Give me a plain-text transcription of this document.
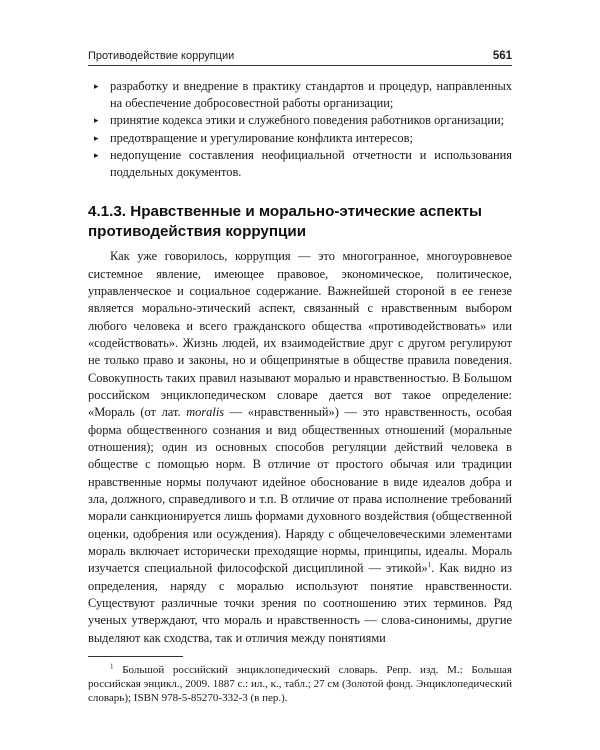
Противодействие коррупции	561
▸ разработку и внедрение в практику стандартов и процедур, направленных на обеспечение добросовестной работы организации;
▸ принятие кодекса этики и служебного поведения работников организации;
▸ предотвращение и урегулирование конфликта интересов;
▸ недопущение составления неофициальной отчетности и использования поддельных документов.
4.1.3. Нравственные и морально-этические аспекты противодействия коррупции

Как уже говорилось, коррупция — это многогранное, многоуровневое системное явление, имеющее правовое, экономическое, политическое, управленческое и социальное содержание. Важнейшей стороной в ее генезе является морально-этический аспект, связанный с нравственным выбором любого человека и всего гражданского общества «противодействовать» или «содействовать». Жизнь людей, их взаимодействие друг с другом регулируют не только право и законы, но и общепринятые в обществе правила поведения. Совокупность таких правил называют моралью и нравственностью. В Большом российском энциклопедическом словаре дается вот такое определение: «Мораль (от лат. moralis — «нравственный») — это нравственность, особая форма общественного сознания и вид общественных отношений (моральные отношения); один из основных способов регуляции действий человека в обществе с помощью норм. В отличие от простого обычая или традиции нравственные нормы получают идейное обоснование в виде идеалов добра и зла, должного, справедливого и т.п. В отличие от права исполнение требований морали санкционируется лишь формами духовного воздействия (общественной оценки, одобрения или осуждения). Наряду с общечеловеческими элементами мораль включает исторически преходящие нормы, принципы, идеалы. Мораль изучается специальной философской дисциплиной — этикой»$^1$. Как видно из определения, наряду с моралью используют понятие нравственности. Существуют различные точки зрения по соотношению этих терминов. Ряд ученых утверждают, что мораль и нравственность — слова-синонимы, другие выделяют как сходства, так и отличия между понятиями

$^1$ Большой российский энциклопедический словарь. Репр. изд. М.: Большая российская энцикл., 2009. 1887 с.: ил., к., табл.; 27 см (Золотой фонд. Энциклопедический словарь); ISBN 978-5-85270-332-3 (в пер.).
